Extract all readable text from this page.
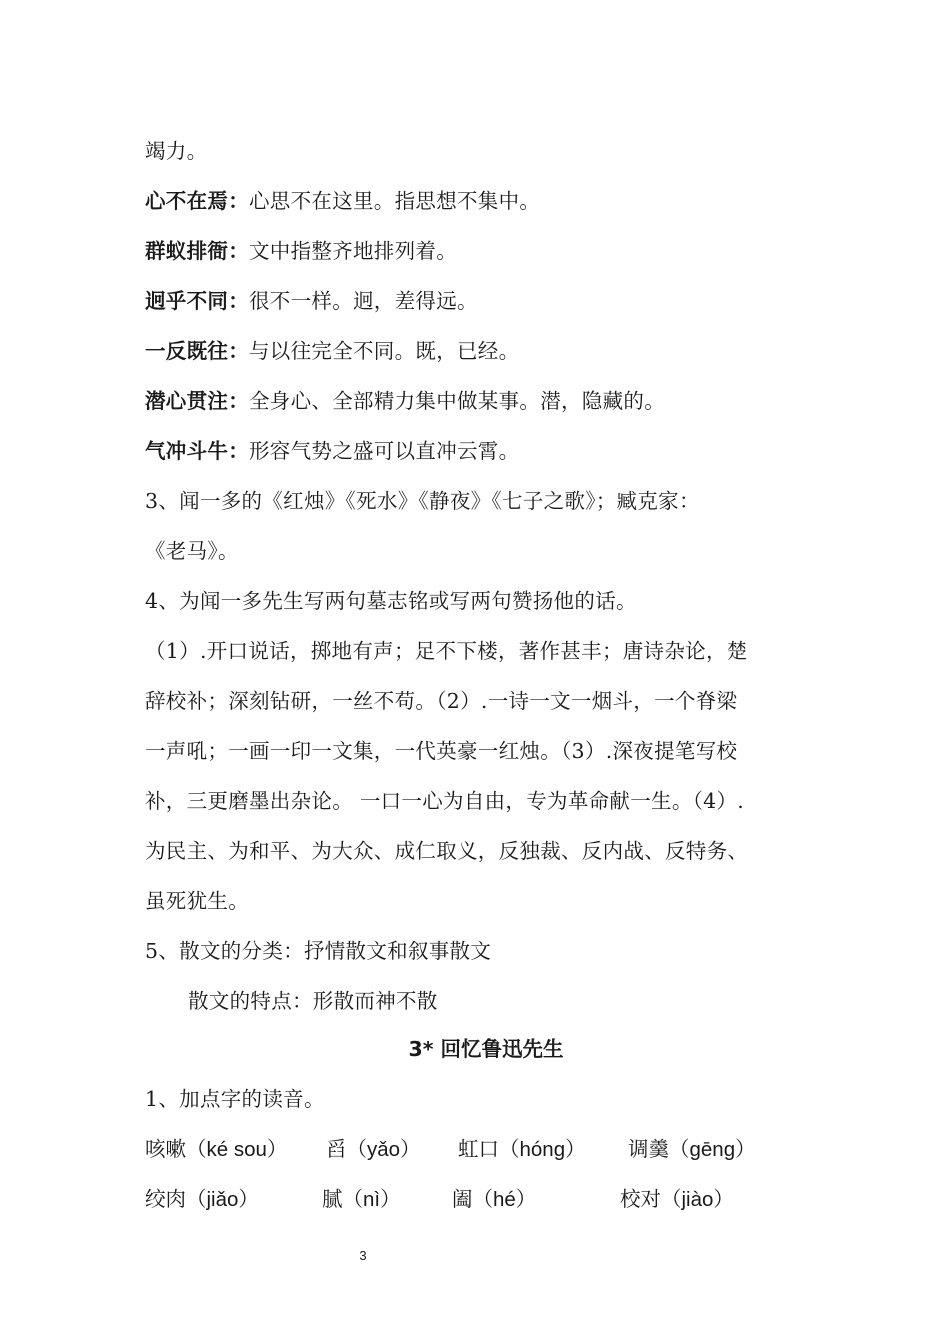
竭力。
心不在焉：心思不在这里。指思想不集中。
群蚁排衙：文中指整齐地排列着。
迥乎不同：很不一样。迥，差得远。
一反既往：与以往完全不同。既，已经。
潜心贯注：全身心、全部精力集中做某事。潜，隐藏的。
气冲斗牛：形容气势之盛可以直冲云霄。
3、闻一多的《红烛》《死水》《静夜》《七子之歌》；臧克家：
《老马》。
4、为闻一多先生写两句墓志铭或写两句赞扬他的话。
（1）.开口说话，掷地有声；足不下楼，著作甚丰；唐诗杂论，楚
辞校补；深刻钻研，一丝不苟。（2）.一诗一文一烟斗，一个脊梁
一声吼；一画一印一文集，一代英豪一红烛。（3）.深夜提笔写校
补，三更磨墨出杂论。 一口一心为自由，专为革命献一生。（4）.
为民主、为和平、为大众、成仁取义，反独裁、反内战、反特务、
虽死犹生。
5、散文的分类：抒情散文和叙事散文
散文的特点：形散而神不散
3* 回忆鲁迅先生
1、加点字的读音。
咳嗽（ké sou） 舀（yǎo） 虹口（hóng） 调羹（gēng）
绞肉（jiǎo）	腻（nì）	阖（hé）	校对（jiào）
3
